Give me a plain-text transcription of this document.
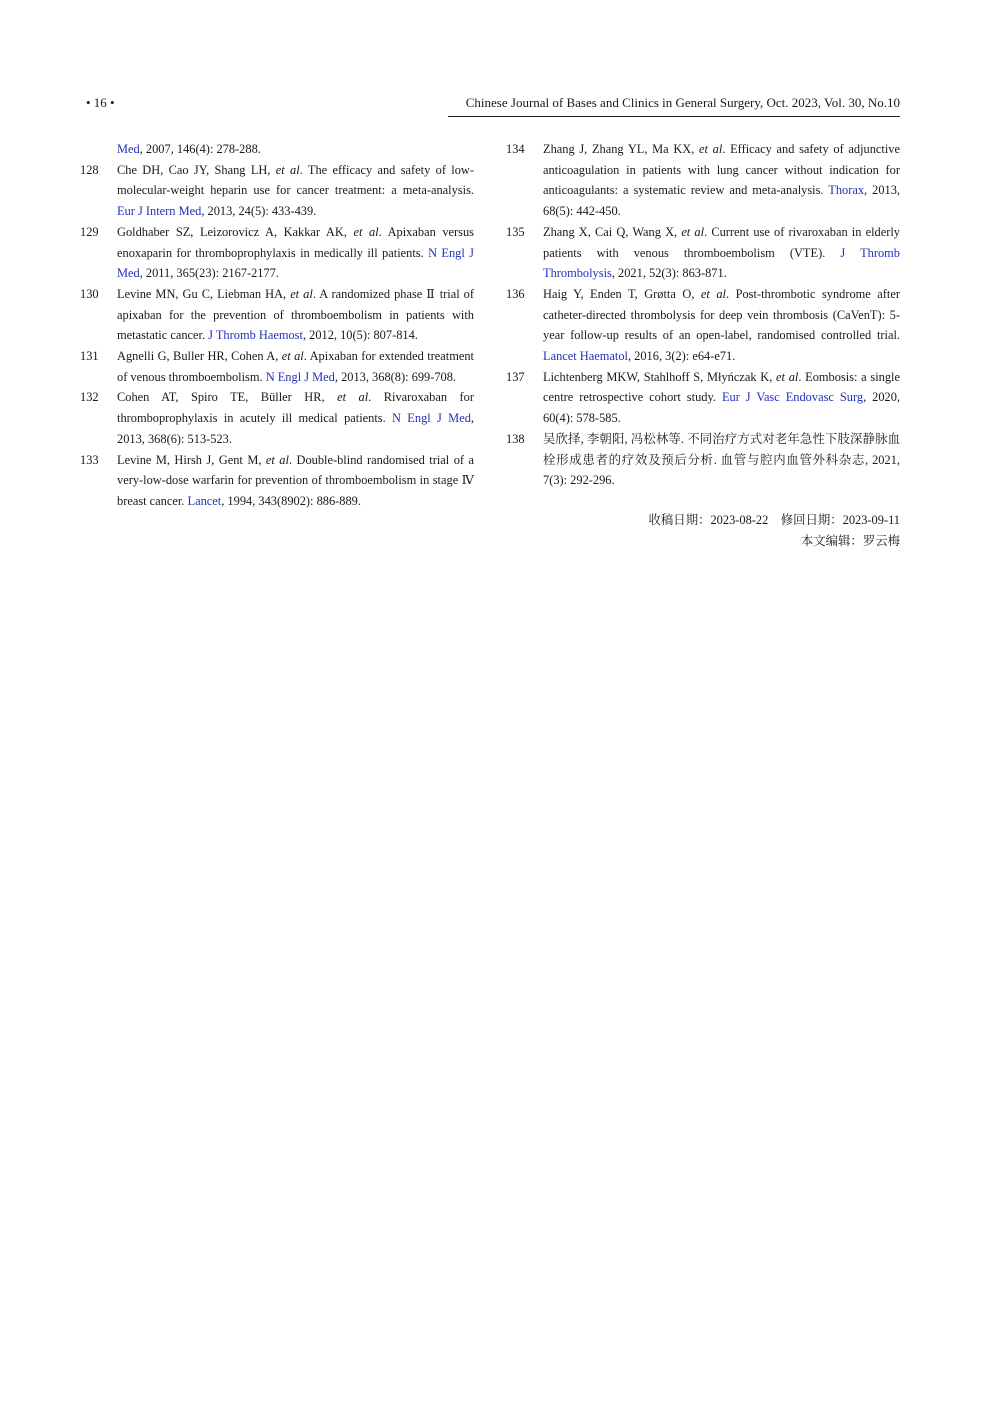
• 16 •	Chinese Journal of Bases and Clinics in General Surgery, Oct. 2023, Vol. 30, No.10
Med, 2007, 146(4): 278-288.
128 Che DH, Cao JY, Shang LH, et al. The efficacy and safety of low-molecular-weight heparin use for cancer treatment: a meta-analysis. Eur J Intern Med, 2013, 24(5): 433-439.
129 Goldhaber SZ, Leizorovicz A, Kakkar AK, et al. Apixaban versus enoxaparin for thromboprophylaxis in medically ill patients. N Engl J Med, 2011, 365(23): 2167-2177.
130 Levine MN, Gu C, Liebman HA, et al. A randomized phase Ⅱ trial of apixaban for the prevention of thromboembolism in patients with metastatic cancer. J Thromb Haemost, 2012, 10(5): 807-814.
131 Agnelli G, Buller HR, Cohen A, et al. Apixaban for extended treatment of venous thromboembolism. N Engl J Med, 2013, 368(8): 699-708.
132 Cohen AT, Spiro TE, Büller HR, et al. Rivaroxaban for thromboprophylaxis in acutely ill medical patients. N Engl J Med, 2013, 368(6): 513-523.
133 Levine M, Hirsh J, Gent M, et al. Double-blind randomised trial of a very-low-dose warfarin for prevention of thromboembolism in stage Ⅳ breast cancer. Lancet, 1994, 343(8902): 886-889.
134 Zhang J, Zhang YL, Ma KX, et al. Efficacy and safety of adjunctive anticoagulation in patients with lung cancer without indication for anticoagulants: a systematic review and meta-analysis. Thorax, 2013, 68(5): 442-450.
135 Zhang X, Cai Q, Wang X, et al. Current use of rivaroxaban in elderly patients with venous thromboembolism (VTE). J Thromb Thrombolysis, 2021, 52(3): 863-871.
136 Haig Y, Enden T, Grøtta O, et al. Post-thrombotic syndrome after catheter-directed thrombolysis for deep vein thrombosis (CaVenT): 5-year follow-up results of an open-label, randomised controlled trial. Lancet Haematol, 2016, 3(2): e64-e71.
137 Lichtenberg MKW, Stahlhoff S, Młyńczak K, et al. Eombosis: a single centre retrospective cohort study. Eur J Vasc Endovasc Surg, 2020, 60(4): 578-585.
138 吴欣择, 李朝阳, 冯松林等. 不同治疗方式对老年急性下肢深静脉血栓形成患者的疗效及预后分析. 血管与腔内血管外科杂志, 2021, 7(3): 292-296.
收稿日期：2023-08-22　修回日期：2023-09-11
本文编辑：罗云梅
